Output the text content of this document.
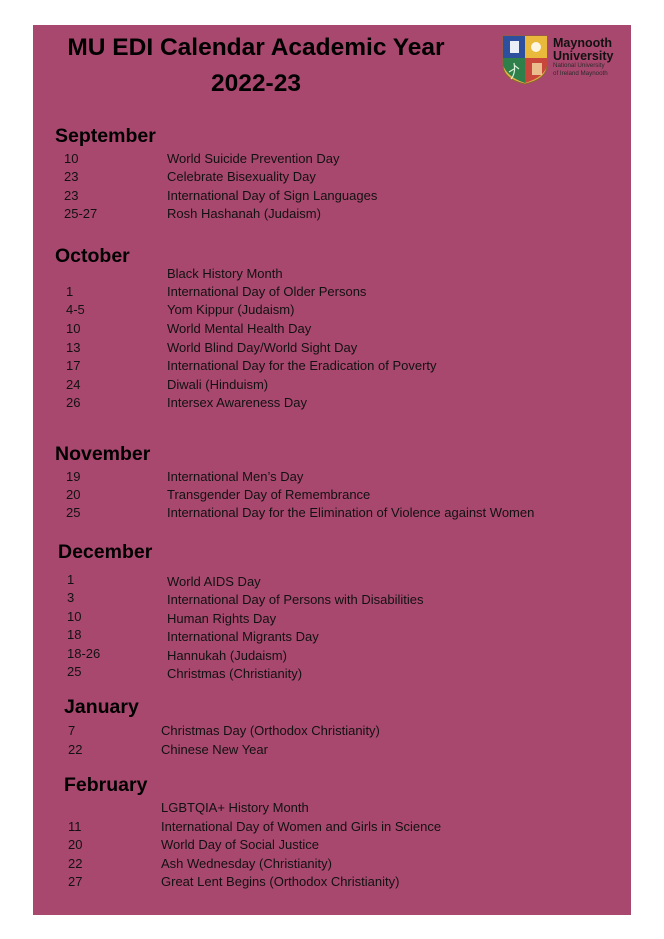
MU EDI Calendar Academic Year
2022-23
Maynooth
University
National University
of Ireland Maynooth
September
10	World Suicide Prevention Day
23	Celebrate Bisexuality Day
23	International Day of Sign Languages
25-27	Rosh Hashanah (Judaism)
October
Black History Month
1	International Day of Older Persons
4-5	Yom Kippur (Judaism)
10	World Mental Health Day
13	World Blind Day/World Sight Day
17	International Day for the Eradication of Poverty
24	Diwali (Hinduism)
26	Intersex Awareness Day
November
19	International Men’s Day
20	Transgender Day of Remembrance
25	International Day for the Elimination of Violence against Women
December
1	World AIDS Day
3	International Day of Persons with Disabilities
10	Human Rights Day
18	International Migrants Day
18-26	Hannukah (Judaism)
25	Christmas (Christianity)
January
7	Christmas Day (Orthodox Christianity)
22	Chinese New Year
February
LGBTQIA+ History Month
11	International Day of Women and Girls in Science
20	World Day of Social Justice
22	Ash Wednesday (Christianity)
27	Great Lent Begins (Orthodox Christianity)
